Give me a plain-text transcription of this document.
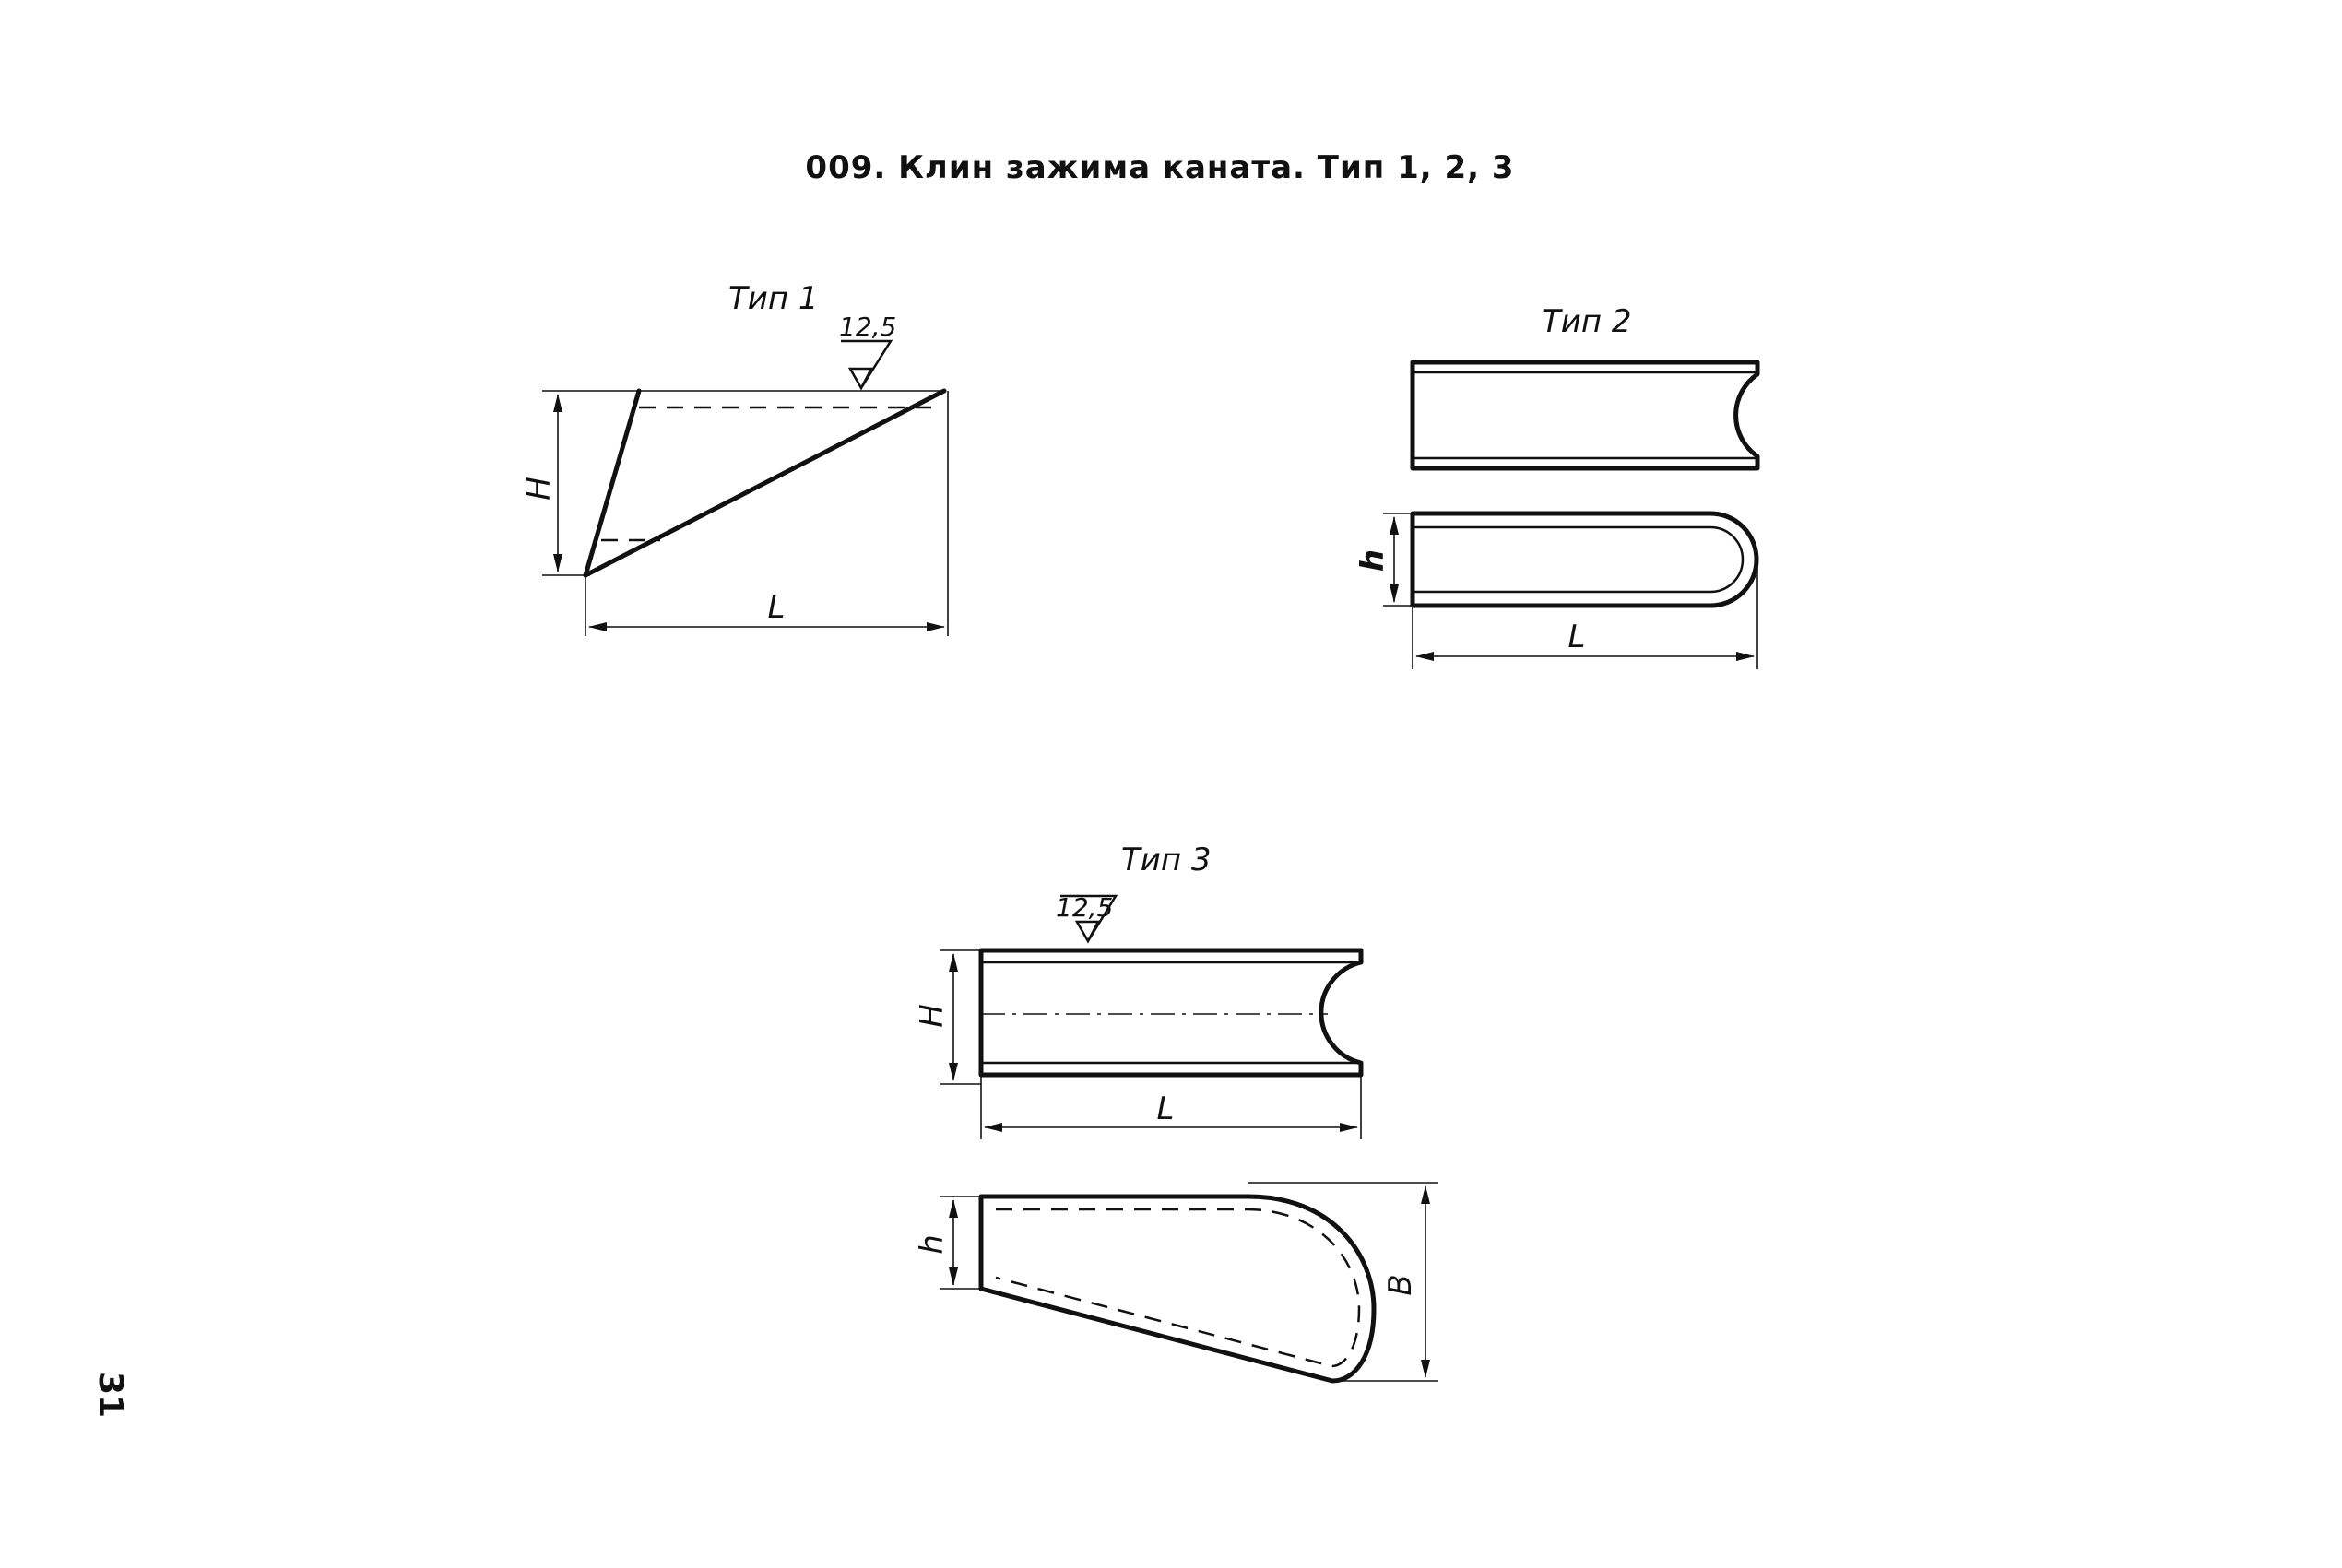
009. Клин зажима каната. Тип 1, 2, 3
Тип 1
H
L
12,5	Тип 2
h
L
Тип 3
12,5
H
L
h
B
31
